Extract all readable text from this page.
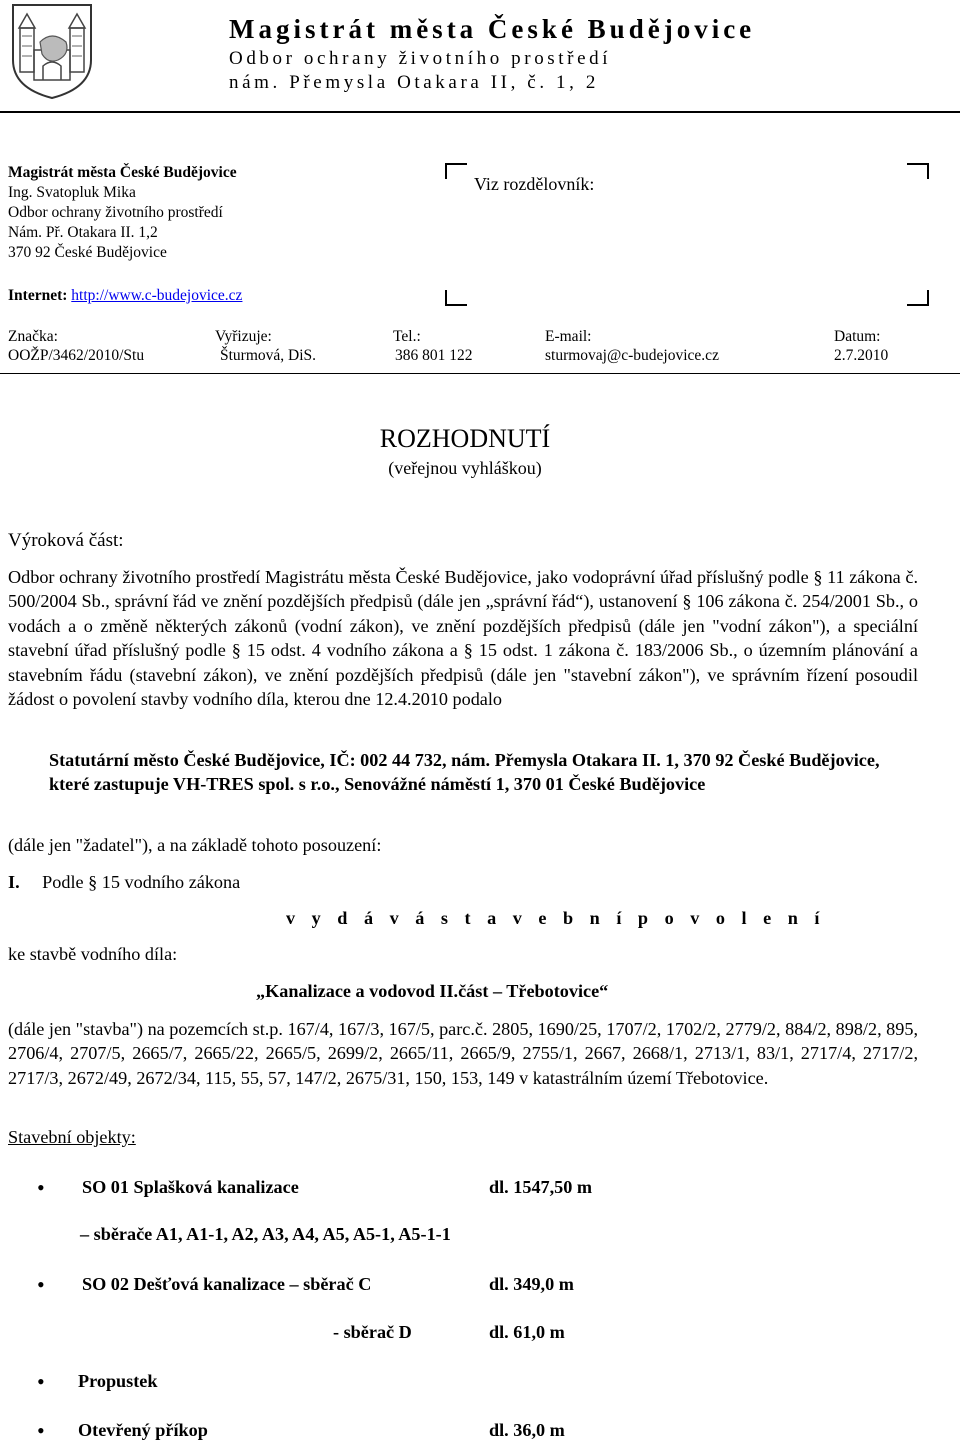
Magistrát města České Budějovice
Odbor ochrany životního prostředí
nám. Přemysla Otakara II, č. 1, 2
Magistrát města České Budějovice
Ing. Svatopluk Mika
Odbor ochrany životního prostředí
Nám. Př. Otakara II. 1,2
370 92 České Budějovice
Internet: http://www.c-budejovice.cz
Viz rozdělovník:
Značka:
OOŽP/3462/2010/Stu
Vyřizuje:
Šturmová, DiS.
Tel.:
386 801 122
E-mail:
sturmovaj@c-budejovice.cz
Datum:
2.7.2010
ROZHODNUTÍ
(veřejnou vyhláškou)
Výroková část:
Odbor ochrany životního prostředí Magistrátu města České Budějovice, jako vodoprávní úřad příslušný podle § 11 zákona č. 500/2004 Sb., správní řád ve znění pozdějších předpisů (dále jen „správní řád“), ustanovení § 106 zákona č. 254/2001 Sb., o vodách a o změně některých zákonů (vodní zákon), ve znění pozdějších předpisů (dále jen "vodní zákon"), a speciální stavební úřad příslušný podle § 15 odst. 4 vodního zákona a § 15 odst. 1 zákona č. 183/2006 Sb., o územním plánování a stavebním řádu (stavební zákon), ve znění pozdějších předpisů (dále jen "stavební zákon"), ve správním řízení posoudil žádost o povolení stavby vodního díla, kterou dne 12.4.2010 podalo
Statutární město České Budějovice, IČ: 002 44 732, nám. Přemysla Otakara II. 1, 370 92 České Budějovice, které zastupuje VH-TRES spol. s r.o., Senovážné náměstí 1, 370 01 České Budějovice
(dále jen "žadatel"), a na základě tohoto posouzení:
I. Podle § 15 vodního zákona
v y d á v á s t a v e b n í p o v o l e n í
ke stavbě vodního díla:
„Kanalizace a vodovod II.část – Třebotovice“
(dále jen "stavba") na pozemcích st.p. 167/4, 167/3, 167/5, parc.č. 2805, 1690/25, 1707/2, 1702/2, 2779/2, 884/2, 898/2, 895, 2706/4, 2707/5, 2665/7, 2665/22, 2665/5, 2699/2, 2665/11, 2665/9, 2755/1, 2667, 2668/1, 2713/1, 83/1, 2717/4, 2717/2, 2717/3, 2672/49, 2672/34, 115, 55, 57, 147/2, 2675/31, 150, 153, 149 v katastrálním území Třebotovice.
Stavební objekty:
• SO 01 Splašková kanalizace	dl. 1547,50 m
– sběrače A1, A1-1, A2, A3, A4, A5, A5-1, A5-1-1
• SO 02 Dešťová kanalizace – sběrač C	dl. 349,0 m
- sběrač D	dl. 61,0 m
• Propustek
• Otevřený příkop	dl. 36,0 m
